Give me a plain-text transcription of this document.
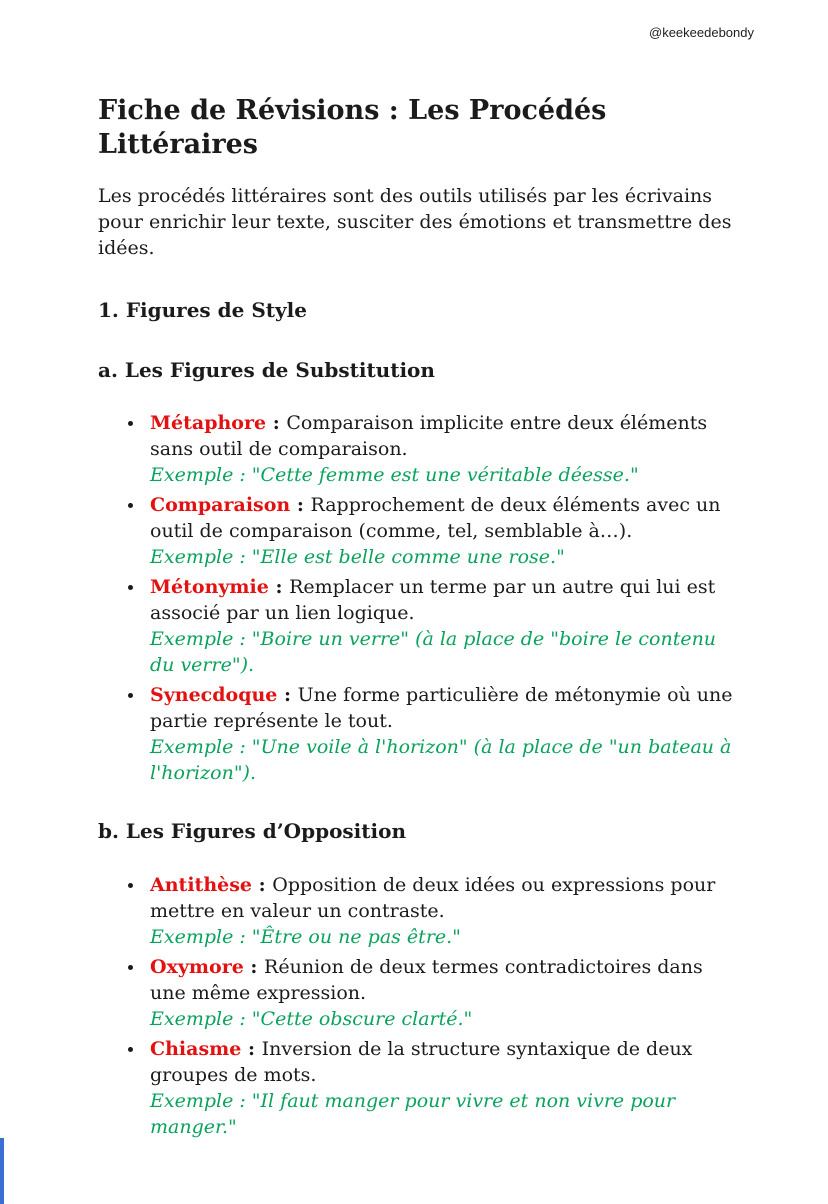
@keekeedebondy
Fiche de Révisions : Les Procédés Littéraires

Les procédés littéraires sont des outils utilisés par les écrivains pour enrichir leur texte, susciter des émotions et transmettre des idées.

1. Figures de Style
a. Les Figures de Substitution
Métaphore : Comparaison implicite entre deux éléments sans outil de comparaison.
Exemple : "Cette femme est une véritable déesse."
Comparaison : Rapprochement de deux éléments avec un outil de comparaison (comme, tel, semblable à…).
Exemple : "Elle est belle comme une rose."
Métonymie : Remplacer un terme par un autre qui lui est associé par un lien logique.
Exemple : "Boire un verre" (à la place de "boire le contenu du verre").
Synecdoque : Une forme particulière de métonymie où une partie représente le tout.
Exemple : "Une voile à l'horizon" (à la place de "un bateau à l'horizon").
b. Les Figures d’Opposition
Antithèse : Opposition de deux idées ou expressions pour mettre en valeur un contraste.
Exemple : "Être ou ne pas être."
Oxymore : Réunion de deux termes contradictoires dans une même expression.
Exemple : "Cette obscure clarté."
Chiasme : Inversion de la structure syntaxique de deux groupes de mots.
Exemple : "Il faut manger pour vivre et non vivre pour manger."
